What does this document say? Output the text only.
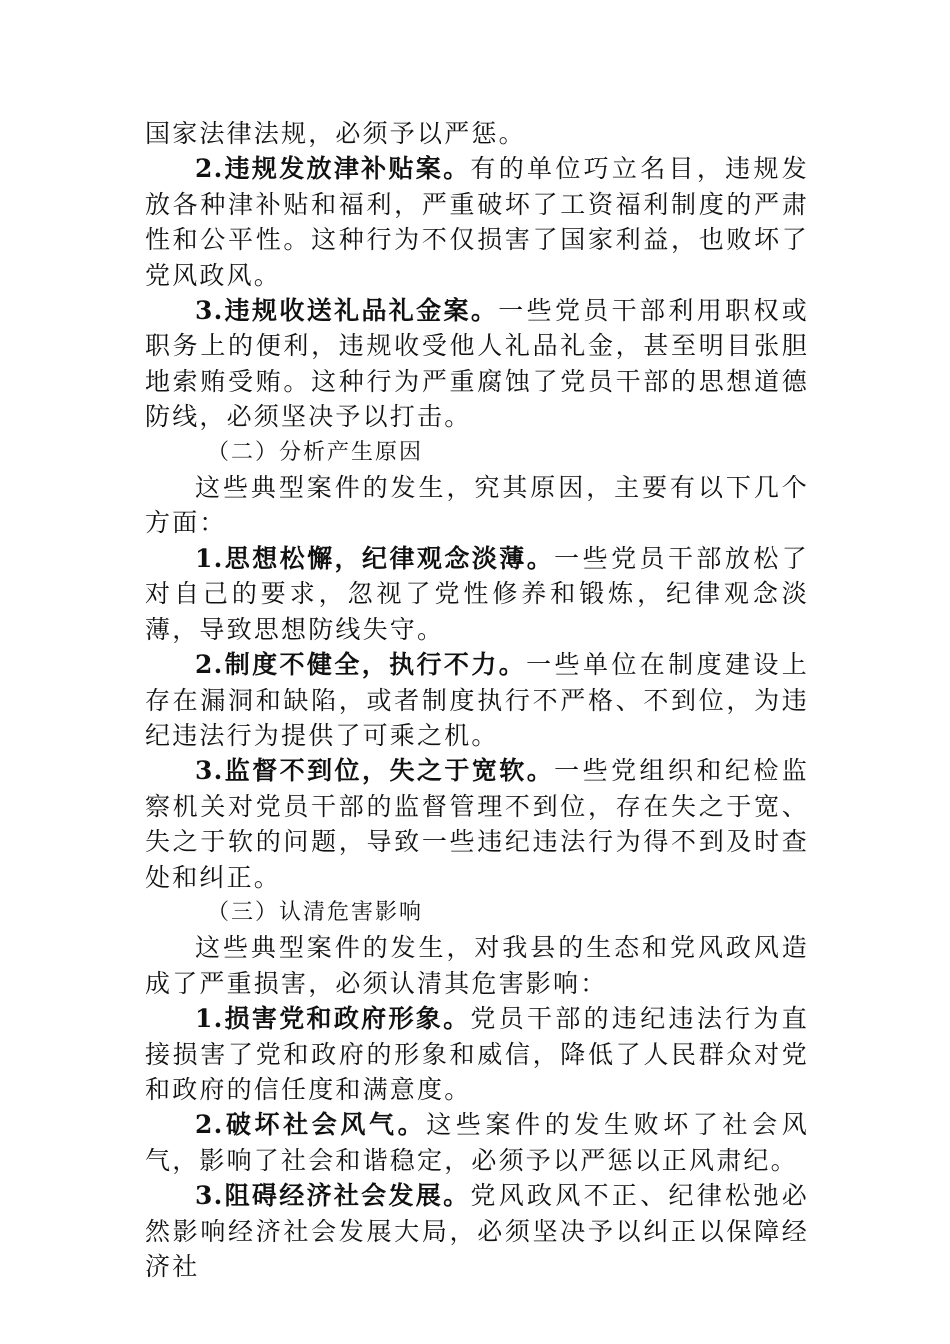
国家法律法规，必须予以严惩。

2.违规发放津补贴案。有的单位巧立名目，违规发放各种津补贴和福利，严重破坏了工资福利制度的严肃性和公平性。这种行为不仅损害了国家利益，也败坏了党风政风。

3.违规收送礼品礼金案。一些党员干部利用职权或职务上的便利，违规收受他人礼品礼金，甚至明目张胆地索贿受贿。这种行为严重腐蚀了党员干部的思想道德防线，必须坚决予以打击。

（二）分析产生原因

这些典型案件的发生，究其原因，主要有以下几个方面：

1.思想松懈，纪律观念淡薄。一些党员干部放松了对自己的要求，忽视了党性修养和锻炼，纪律观念淡薄，导致思想防线失守。

2.制度不健全，执行不力。一些单位在制度建设上存在漏洞和缺陷，或者制度执行不严格、不到位，为违纪违法行为提供了可乘之机。

3.监督不到位，失之于宽软。一些党组织和纪检监察机关对党员干部的监督管理不到位，存在失之于宽、失之于软的问题，导致一些违纪违法行为得不到及时查处和纠正。

（三）认清危害影响

这些典型案件的发生，对我县的生态和党风政风造成了严重损害，必须认清其危害影响：

1.损害党和政府形象。党员干部的违纪违法行为直接损害了党和政府的形象和威信，降低了人民群众对党和政府的信任度和满意度。

2.破坏社会风气。这些案件的发生败坏了社会风气，影响了社会和谐稳定，必须予以严惩以正风肃纪。

3.阻碍经济社会发展。党风政风不正、纪律松弛必然影响经济社会发展大局，必须坚决予以纠正以保障经济社
